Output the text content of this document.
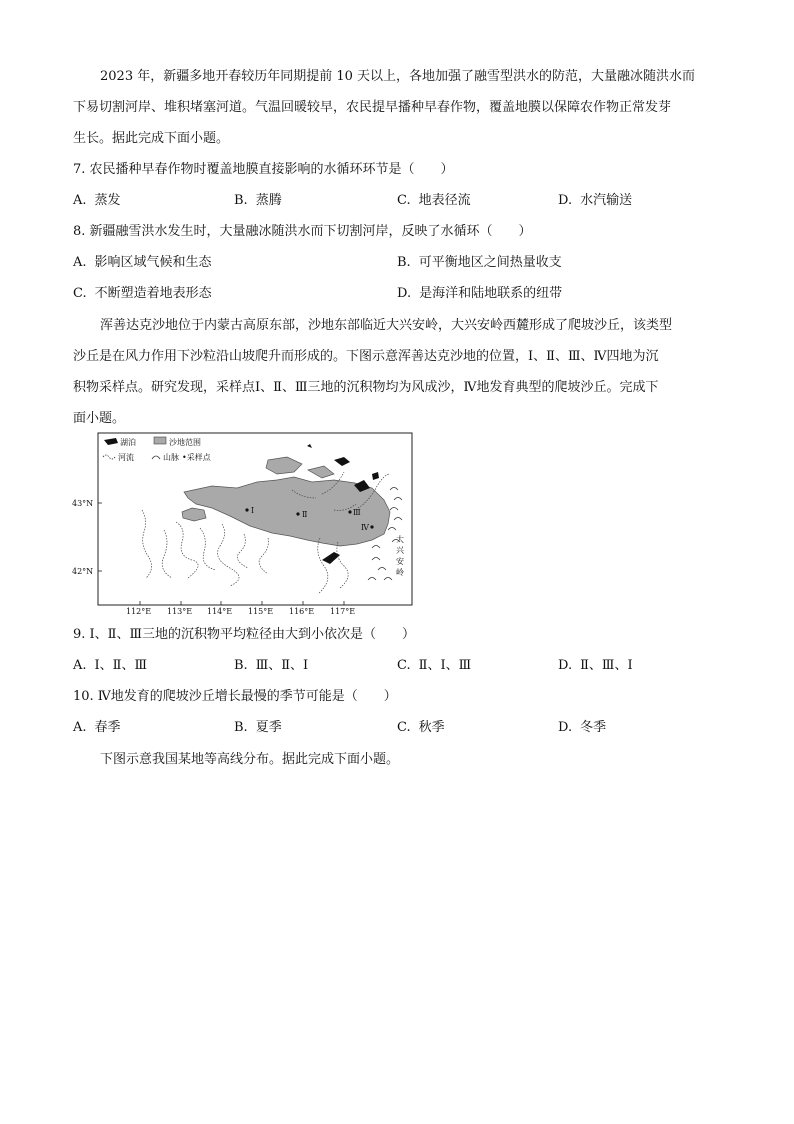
2023 年，新疆多地开春较历年同期提前 10 天以上，各地加强了融雪型洪水的防范，大量融冰随洪水而
下易切割河岸、堆积堵塞河道。气温回暖较早，农民提早播种早春作物，覆盖地膜以保障农作物正常发芽
生长。据此完成下面小题。
7. 农民播种早春作物时覆盖地膜直接影响的水循环环节是（　　）
A. 蒸发	B. 蒸腾	C. 地表径流	D. 水汽输送
8. 新疆融雪洪水发生时，大量融冰随洪水而下切割河岸，反映了水循环（　　）
A. 影响区域气候和生态	B. 可平衡地区之间热量收支
C. 不断塑造着地表形态	D. 是海洋和陆地联系的纽带
浑善达克沙地位于内蒙古高原东部，沙地东部临近大兴安岭，大兴安岭西麓形成了爬坡沙丘，该类型
沙丘是在风力作用下沙粒沿山坡爬升而形成的。下图示意浑善达克沙地的位置，Ⅰ、Ⅱ、Ⅲ、Ⅳ四地为沉
积物采样点。研究发现，采样点Ⅰ、Ⅱ、Ⅲ三地的沉积物均为风成沙，Ⅳ地发育典型的爬坡沙丘。完成下
面小题。
湖泊	沙地范围
河流	山脉 •采样点
Ⅰ	Ⅱ	Ⅲ
Ⅳ
大
兴
安
岭
43°N
42°N
112°E 113°E 114°E 115°E 116°E 117°E
9. Ⅰ、Ⅱ、Ⅲ三地的沉积物平均粒径由大到小依次是（　　）
A. Ⅰ、Ⅱ、Ⅲ	B. Ⅲ、Ⅱ、Ⅰ	C. Ⅱ、Ⅰ、Ⅲ	D. Ⅱ、Ⅲ、Ⅰ
10. Ⅳ地发育的爬坡沙丘增长最慢的季节可能是（　　）
A. 春季	B. 夏季	C. 秋季	D. 冬季
下图示意我国某地等高线分布。据此完成下面小题。
